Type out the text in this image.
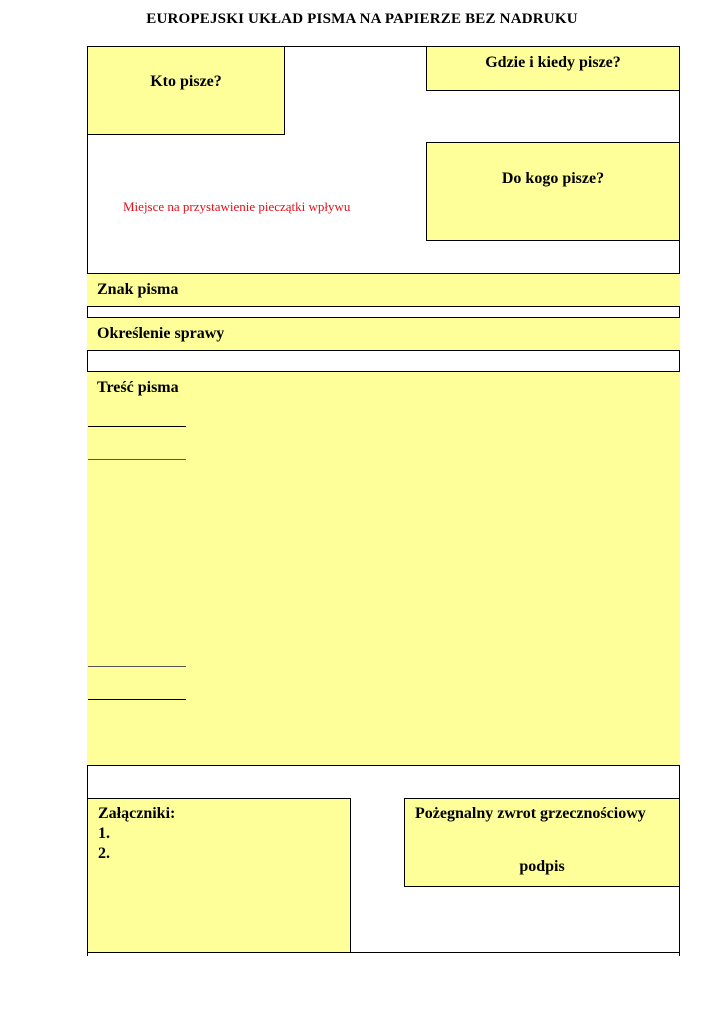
EUROPEJSKI UKŁAD PISMA NA PAPIERZE BEZ NADRUKU
Kto pisze?
Gdzie i kiedy pisze?
Do kogo pisze?
Miejsce na przystawienie pieczątki wpływu
Znak pisma
Określenie sprawy
Treść pisma
Załączniki:
1.
2.
Pożegnalny zwrot grzecznościowy
podpis
